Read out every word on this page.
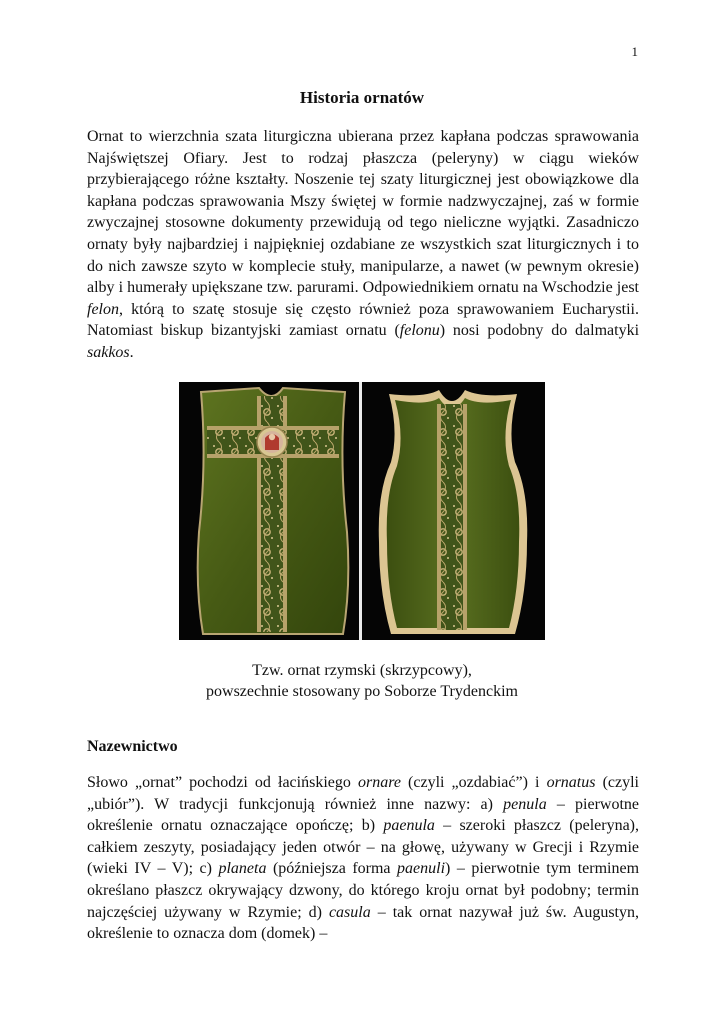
1
Historia ornatów

Ornat to wierzchnia szata liturgiczna ubierana przez kapłana podczas sprawowania Najświętszej Ofiary. Jest to rodzaj płaszcza (peleryny) w ciągu wieków przybierającego różne kształty. Noszenie tej szaty liturgicznej jest obowiązkowe dla kapłana podczas sprawowania Mszy świętej w formie nadzwyczajnej, zaś w formie zwyczajnej stosowne dokumenty przewidują od tego nieliczne wyjątki. Zasadniczo ornaty były najbardziej i najpiękniej ozdabiane ze wszystkich szat liturgicznych i to do nich zawsze szyto w komplecie stuły, manipularze, a nawet (w pewnym okresie) alby i humerały upiększane tzw. parurami. Odpowiednikiem ornatu na Wschodzie jest felon, którą to szatę stosuje się często również poza sprawowaniem Eucharystii. Natomiast biskup bizantyjski zamiast ornatu (felonu) nosi podobny do dalmatyki sakkos.

Tzw. ornat rzymski (skrzypcowy),
powszechnie stosowany po Soborze Trydenckim
Nazewnictwo

Słowo „ornat” pochodzi od łacińskiego ornare (czyli „ozdabiać”) i ornatus (czyli „ubiór”). W tradycji funkcjonują również inne nazwy: a) penula – pierwotne określenie ornatu oznaczające opończę; b) paenula – szeroki płaszcz (peleryna), całkiem zeszyty, posiadający jeden otwór – na głowę, używany w Grecji i Rzymie (wieki IV – V); c) planeta (późniejsza forma paenuli) – pierwotnie tym terminem określano płaszcz okrywający dzwony, do którego kroju ornat był podobny; termin najczęściej używany w Rzymie; d) casula – tak ornat nazywał już św. Augustyn, określenie to oznacza dom (domek) –
